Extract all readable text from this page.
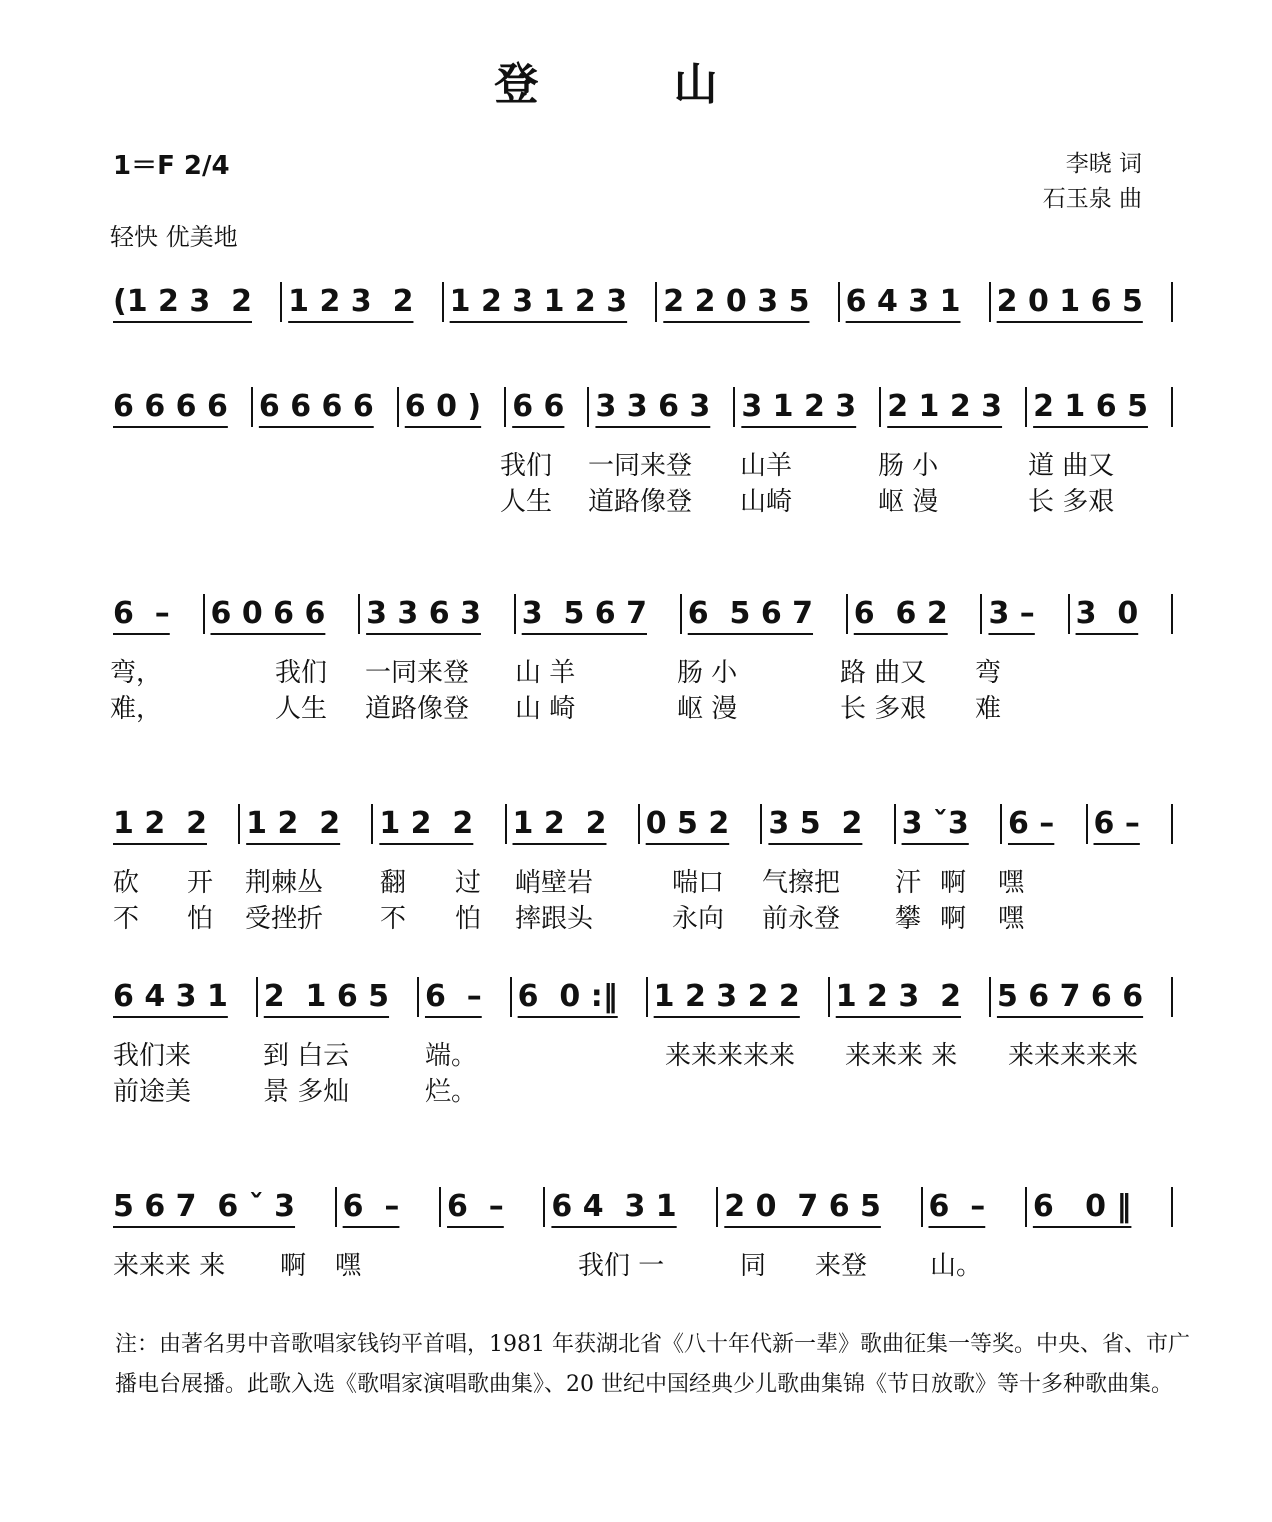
登 山
1＝F 2/4
轻快 优美地
李晓 词
石玉泉 曲
(1 2 3  2	1 2 3  2	1 2 3 1 2 3	2 2 0 3 5	6 4 3 1	2 0 1 6 5
6 6 6 6	6 6 6 6	6 0 )	6 6	3 3 6 3	3 1 2 3	2 1 2 3	2 1 6 5
我们 一同来登 山羊	肠 小	道 曲又
人生 道路像登 山崎	岖 漫	长 多艰
6  –	6 0 6 6	3 3 6 3	3  5 6 7	6  5 6 7	6  6 2	3 –	3  0
弯，	我们 一同来登 山 羊	肠 小	路 曲又 弯
难，	人生 道路像登 山 崎	岖 漫	长 多艰 难
1 2  2	1 2  2	1 2  2	1 2  2	0 5 2	3 5  2	3 ˇ3	6 –	6 –
砍 开 荆棘丛 翻 过 峭壁岩	喘口 气擦把 汗 啊 嘿
不 怕 受挫折 不 怕 摔跟头	永向 前永登 攀 啊 嘿
6 4 3 1	2  1 6 5	6  –	6  0 :‖	1 2 3 2 2	1 2 3  2	5 6 7 6 6
我们来	到 白云	端。	来来来来来 来来来 来 来来来来来
前途美	景 多灿	烂。
5 6 7  6 ˇ 3	6  –	6  –	6 4  3 1	2 0  7 6 5	6  –	6   0 ‖
来来来 来 啊 嘿	我们 一	同 来登 山。
注：由著名男中音歌唱家钱钧平首唱，1981 年获湖北省《八十年代新一辈》歌曲征集一等奖。中央、省、市广播电台展播。此歌入选《歌唱家演唱歌曲集》、20 世纪中国经典少儿歌曲集锦《节日放歌》等十多种歌曲集。
